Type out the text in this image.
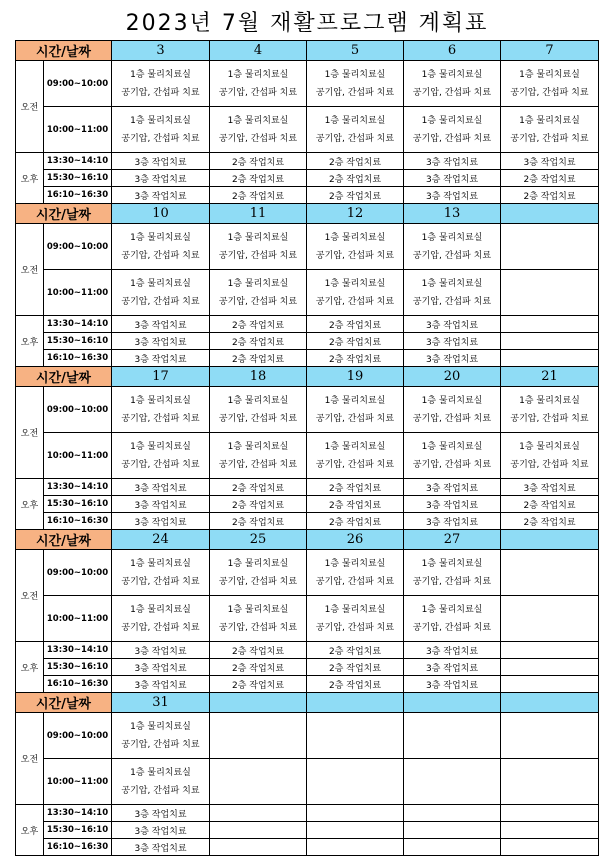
2023년 7월 재활프로그램 계획표
시간/날짜		3	4	5	6	7
오전	09:00~10:00	1층 물리치료실
공기압, 간섭파 치료	1층 물리치료실
공기압, 간섭파 치료	1층 물리치료실
공기압, 간섭파 치료	1층 물리치료실
공기압, 간섭파 치료	1층 물리치료실
공기압, 간섭파 치료

	10:00~11:00	1층 물리치료실
공기압, 간섭파 치료	1층 물리치료실
공기압, 간섭파 치료	1층 물리치료실
공기압, 간섭파 치료	1층 물리치료실
공기압, 간섭파 치료	1층 물리치료실
공기압, 간섭파 치료

오후	13:30~14:10	3층 작업치료	2층 작업치료	2층 작업치료	3층 작업치료	3층 작업치료
	15:30~16:10	3층 작업치료	2층 작업치료	2층 작업치료	3층 작업치료	2층 작업치료
	16:10~16:30	3층 작업치료	2층 작업치료	2층 작업치료	3층 작업치료	2층 작업치료
시간/날짜		10	11	12	13	
오전	09:00~10:00	1층 물리치료실
공기압, 간섭파 치료	1층 물리치료실
공기압, 간섭파 치료	1층 물리치료실
공기압, 간섭파 치료	1층 물리치료실
공기압, 간섭파 치료	

	10:00~11:00	1층 물리치료실
공기압, 간섭파 치료	1층 물리치료실
공기압, 간섭파 치료	1층 물리치료실
공기압, 간섭파 치료	1층 물리치료실
공기압, 간섭파 치료	

오후	13:30~14:10	3층 작업치료	2층 작업치료	2층 작업치료	3층 작업치료	
	15:30~16:10	3층 작업치료	2층 작업치료	2층 작업치료	3층 작업치료	
	16:10~16:30	3층 작업치료	2층 작업치료	2층 작업치료	3층 작업치료	
시간/날짜		17	18	19	20	21
오전	09:00~10:00	1층 물리치료실
공기압, 간섭파 치료	1층 물리치료실
공기압, 간섭파 치료	1층 물리치료실
공기압, 간섭파 치료	1층 물리치료실
공기압, 간섭파 치료	1층 물리치료실
공기압, 간섭파 치료

	10:00~11:00	1층 물리치료실
공기압, 간섭파 치료	1층 물리치료실
공기압, 간섭파 치료	1층 물리치료실
공기압, 간섭파 치료	1층 물리치료실
공기압, 간섭파 치료	1층 물리치료실
공기압, 간섭파 치료

오후	13:30~14:10	3층 작업치료	2층 작업치료	2층 작업치료	3층 작업치료	3층 작업치료
	15:30~16:10	3층 작업치료	2층 작업치료	2층 작업치료	3층 작업치료	2층 작업치료
	16:10~16:30	3층 작업치료	2층 작업치료	2층 작업치료	3층 작업치료	2층 작업치료
시간/날짜		24	25	26	27	
오전	09:00~10:00	1층 물리치료실
공기압, 간섭파 치료	1층 물리치료실
공기압, 간섭파 치료	1층 물리치료실
공기압, 간섭파 치료	1층 물리치료실
공기압, 간섭파 치료	

	10:00~11:00	1층 물리치료실
공기압, 간섭파 치료	1층 물리치료실
공기압, 간섭파 치료	1층 물리치료실
공기압, 간섭파 치료	1층 물리치료실
공기압, 간섭파 치료	

오후	13:30~14:10	3층 작업치료	2층 작업치료	2층 작업치료	3층 작업치료	
	15:30~16:10	3층 작업치료	2층 작업치료	2층 작업치료	3층 작업치료	
	16:10~16:30	3층 작업치료	2층 작업치료	2층 작업치료	3층 작업치료	
시간/날짜		31				
오전	09:00~10:00	1층 물리치료실
공기압, 간섭파 치료				

	10:00~11:00	1층 물리치료실
공기압, 간섭파 치료				

오후	13:30~14:10	3층 작업치료				
	15:30~16:10	3층 작업치료				
	16:10~16:30	3층 작업치료				
